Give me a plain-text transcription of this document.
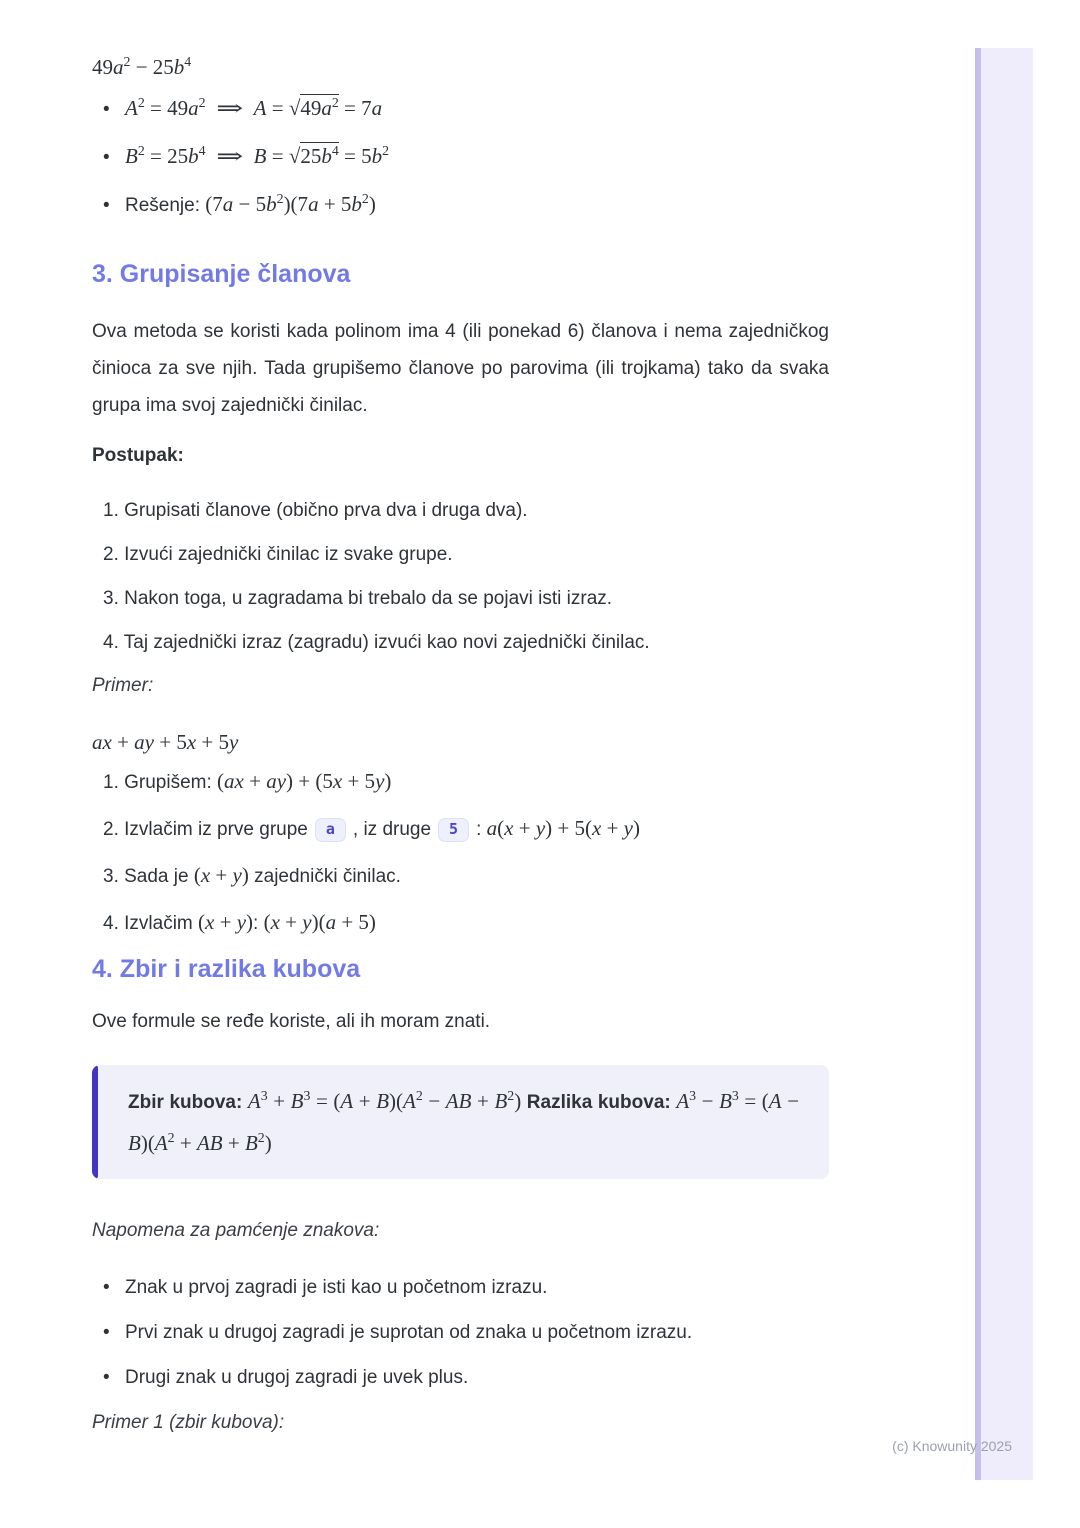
$49a^2 - 25b^4$
• $A^2 = 49a^2$ ⇒ $A = √49a^2 = 7a$
• $B^2 = 25b^4$ ⇒ $B = √25b^4 = 5b^2$
• Rešenje: $(7a - 5b^2)(7a + 5b^2)$
3. Grupisanje članova

Ova metoda se koristi kada polinom ima 4 (ili ponekad 6) članova i nema zajedničkog činioca za sve njih. Tada grupišemo članove po parovima (ili trojkama) tako da svaka grupa ima svoj zajednički činilac.

Postupak:
1. Grupisati članove (obično prva dva i druga dva).
2. Izvući zajednički činilac iz svake grupe.
3. Nakon toga, u zagradama bi trebalo da se pojavi isti izraz.
4. Taj zajednički izraz (zagradu) izvući kao novi zajednički činilac.
Primer:
ax + ay + 5x + 5y
1. Grupišem: (ax + ay) + (5x + 5y)
2. Izvlačim iz prve grupe a , iz druge 5 : a(x + y) + 5(x + y)
3. Sada je (x + y) zajednički činilac.
4. Izvlačim (x + y): (x + y)(a + 5)
4. Zbir i razlika kubova

Ove formule se ređe koriste, ali ih moram znati.

Zbir kubova: $A^3 + B^3 = (A + B)(A^2$ − AB + $B^2$) Razlika kubova: $A^3 - B^3 = (A - B)(A^2$ + AB + $B^2$)
Napomena za pamćenje znakova:
• Znak u prvoj zagradi je isti kao u početnom izrazu.
• Prvi znak u drugoj zagradi je suprotan od znaka u početnom izrazu.
• Drugi znak u drugoj zagradi je uvek plus.
Primer 1 (zbir kubova):
(c) Knowunity 2025
